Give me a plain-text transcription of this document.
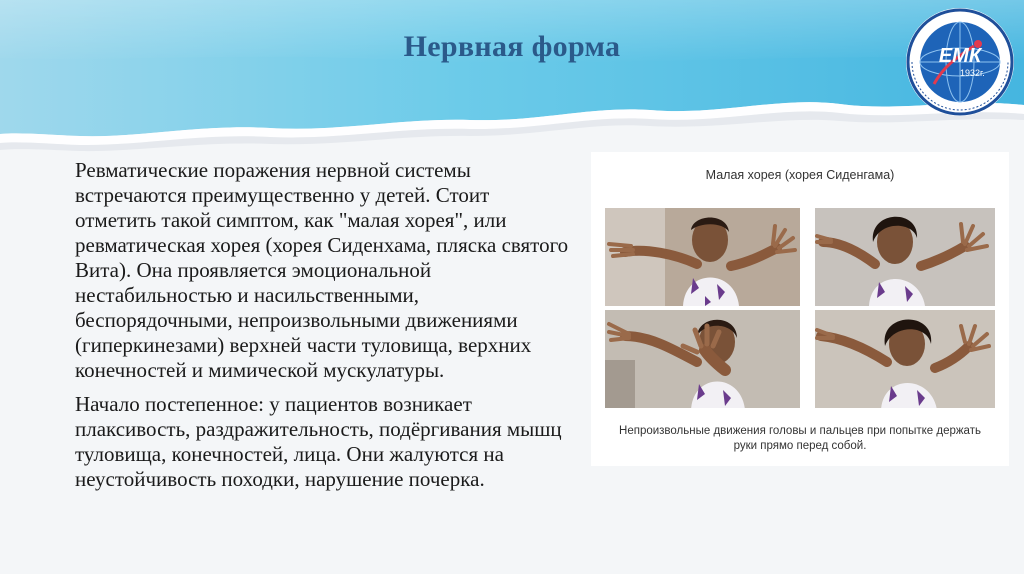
Нервная форма	ЕМК
1932г.

Ревматические поражения нервной системы встречаются преимущественно у детей. Стоит отметить такой симптом, как "малая хорея", или ревматическая хорея (хорея Сиденхама, пляска святого Вита). Она проявляется эмоциональной нестабильностью и насильственными, беспорядочными, непроизвольными движениями (гиперкинезами) верхней части туловища, верхних конечностей и мимической мускулатуры.

Начало постепенное: у пациентов возникает плаксивость, раздражительность, подёргивания мышц туловища, конечностей, лица. Они жалуются на неустойчивость походки, нарушение почерка.

Малая хорея (хорея Сиденгама)
Непроизвольные движения головы и пальцев при попытке держать руки прямо перед собой.
